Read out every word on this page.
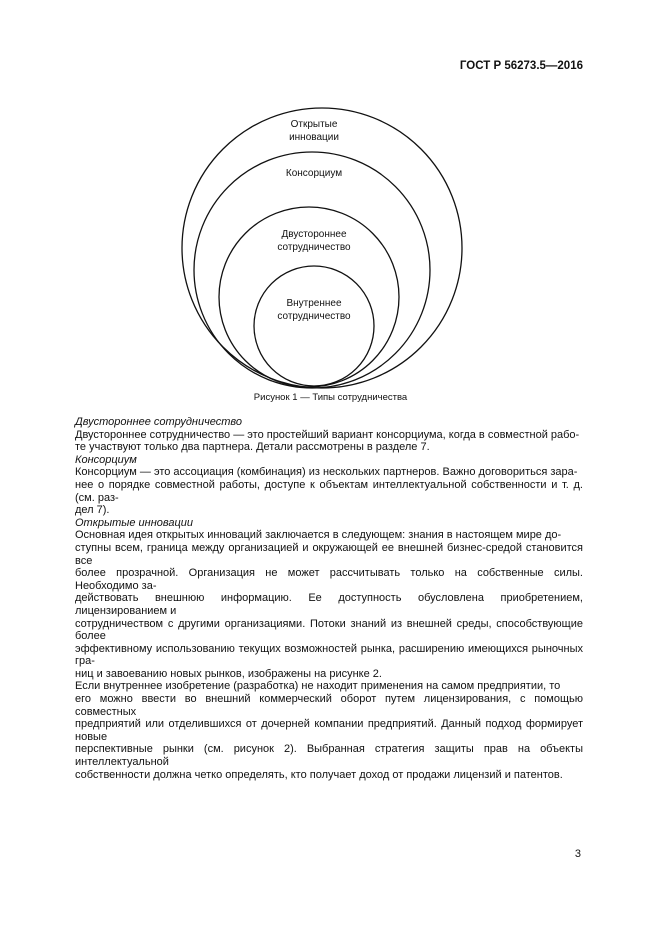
ГОСТ Р 56273.5—2016
Открытые
инновации
Консорциум
Двустороннее
сотрудничество
Внутреннее
сотрудничество
Рисунок 1 — Типы сотрудничества

Двустороннее сотрудничество

Двустороннее сотрудничество — это простейший вариант консорциума, когда в совместной рабо-

те участвуют только два партнера. Детали рассмотрены в разделе 7.

Консорциум

Консорциум — это ассоциация (комбинация) из нескольких партнеров. Важно договориться зара-

нее о порядке совместной работы, доступе к объектам интеллектуальной собственности и т. д. (см. раз-

дел 7).

Открытые инновации

Основная идея открытых инноваций заключается в следующем: знания в настоящем мире до-

ступны всем, граница между организацией и окружающей ее внешней бизнес-средой становится все

более прозрачной. Организация не может рассчитывать только на собственные силы. Необходимо за-

действовать внешнюю информацию. Ее доступность обусловлена приобретением, лицензированием и

сотрудничеством с другими организациями. Потоки знаний из внешней среды, способствующие более

эффективному использованию текущих возможностей рынка, расширению имеющихся рыночных гра-

ниц и завоеванию новых рынков, изображены на рисунке 2.

Если внутреннее изобретение (разработка) не находит применения на самом предприятии, то

его можно ввести во внешний коммерческий оборот путем лицензирования, с помощью совместных

предприятий или отделившихся от дочерней компании предприятий. Данный подход формирует новые

перспективные рынки (см. рисунок 2). Выбранная стратегия защиты прав на объекты интеллектуальной

собственности должна четко определять, кто получает доход от продажи лицензий и патентов.

3
